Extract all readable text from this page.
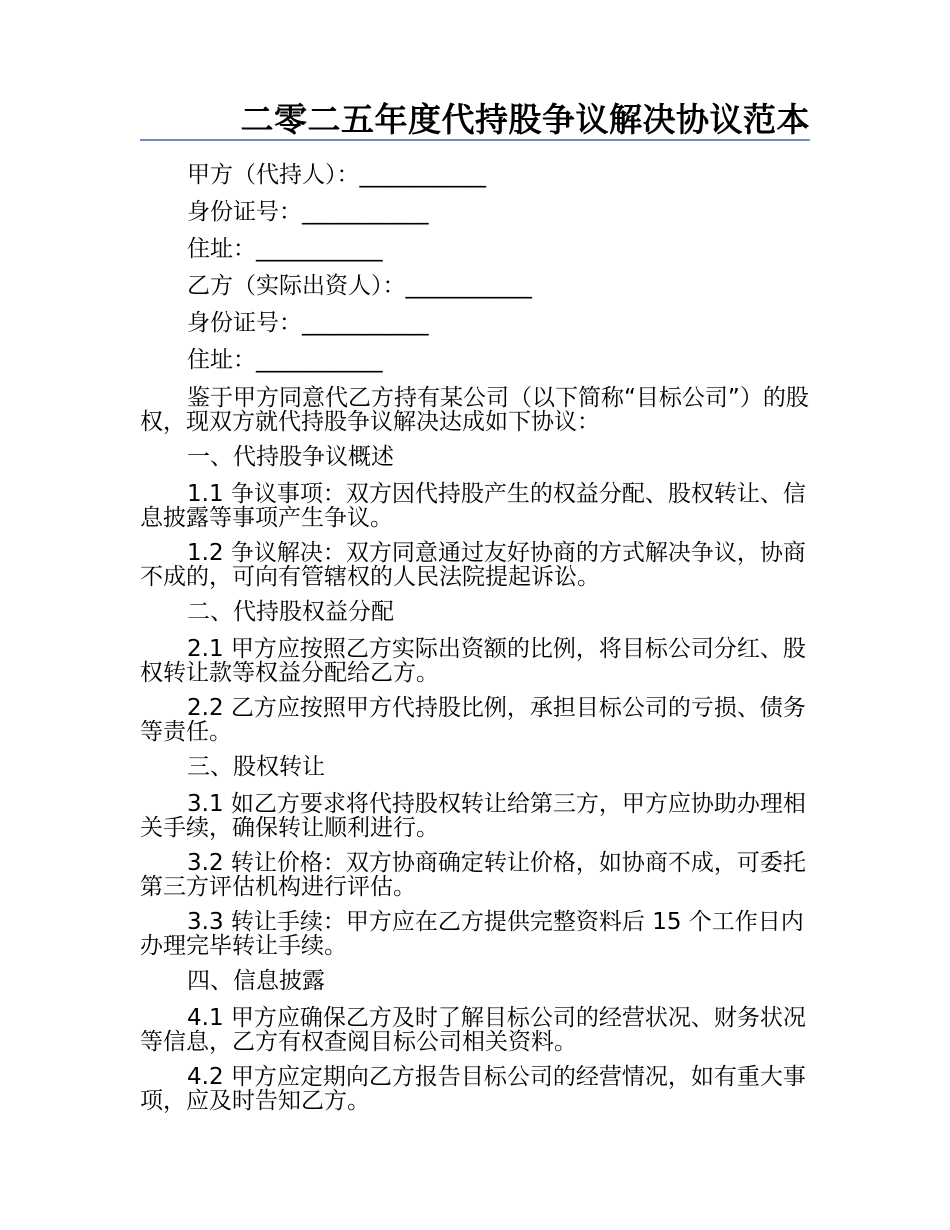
二零二五年度代持股争议解决协议范本
甲方（代持人）：___________
身份证号：___________
住址：___________
乙方（实际出资人）：___________
身份证号：___________
住址：___________

鉴于甲方同意代乙方持有某公司（以下简称“目标公司”）的股权，现双方就代持股争议解决达成如下协议：

一、代持股争议概述

1.1 争议事项：双方因代持股产生的权益分配、股权转让、信息披露等事项产生争议。

1.2 争议解决：双方同意通过友好协商的方式解决争议，协商不成的，可向有管辖权的人民法院提起诉讼。

二、代持股权益分配

2.1 甲方应按照乙方实际出资额的比例，将目标公司分红、股权转让款等权益分配给乙方。

2.2 乙方应按照甲方代持股比例，承担目标公司的亏损、债务等责任。

三、股权转让

3.1 如乙方要求将代持股权转让给第三方，甲方应协助办理相关手续，确保转让顺利进行。

3.2 转让价格：双方协商确定转让价格，如协商不成，可委托第三方评估机构进行评估。

3.3 转让手续：甲方应在乙方提供完整资料后 15 个工作日内办理完毕转让手续。

四、信息披露

4.1 甲方应确保乙方及时了解目标公司的经营状况、财务状况等信息，乙方有权查阅目标公司相关资料。

4.2 甲方应定期向乙方报告目标公司的经营情况，如有重大事项，应及时告知乙方。
